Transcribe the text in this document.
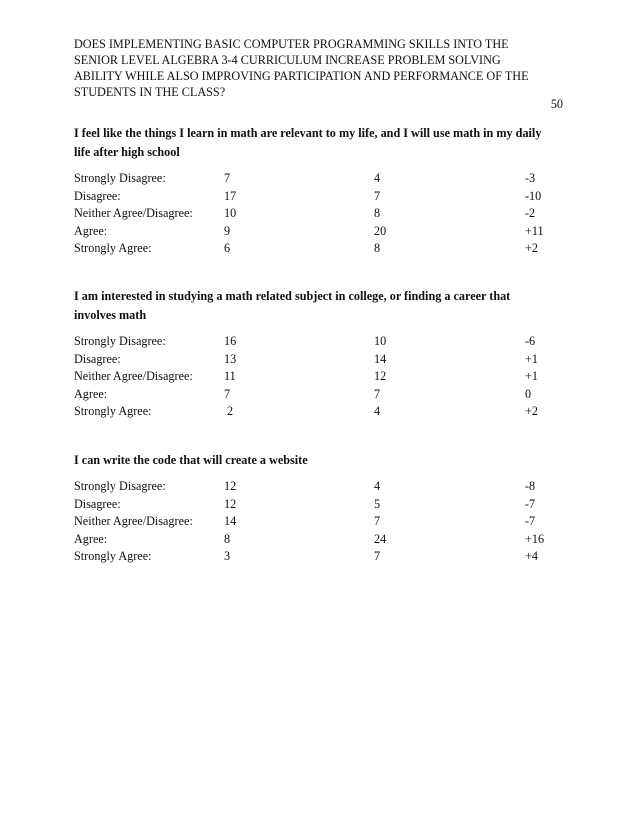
DOES IMPLEMENTING BASIC COMPUTER PROGRAMMING SKILLS INTO THE
SENIOR LEVEL ALGEBRA 3-4 CURRICULUM INCREASE PROBLEM SOLVING
ABILITY WHILE ALSO IMPROVING PARTICIPATION AND PERFORMANCE OF THE
STUDENTS IN THE CLASS?
50
I feel like the things I learn in math are relevant to my life, and I will use math in my daily
life after high school
Strongly Disagree:	7	4	-3
Disagree:	17	7	-10
Neither Agree/Disagree:	10	8	-2
Agree:	9	20	+11
Strongly Agree:	6	8	+2
I am interested in studying a math related subject in college, or finding a career that
involves math
Strongly Disagree:	16	10	-6
Disagree:	13	14	+1
Neither Agree/Disagree:	11	12	+1
Agree:	7	7	0
Strongly Agree:	2	4	+2
I can write the code that will create a website
Strongly Disagree:	12	4	-8
Disagree:	12	5	-7
Neither Agree/Disagree:	14	7	-7
Agree:	8	24	+16
Strongly Agree:	3	7	+4
